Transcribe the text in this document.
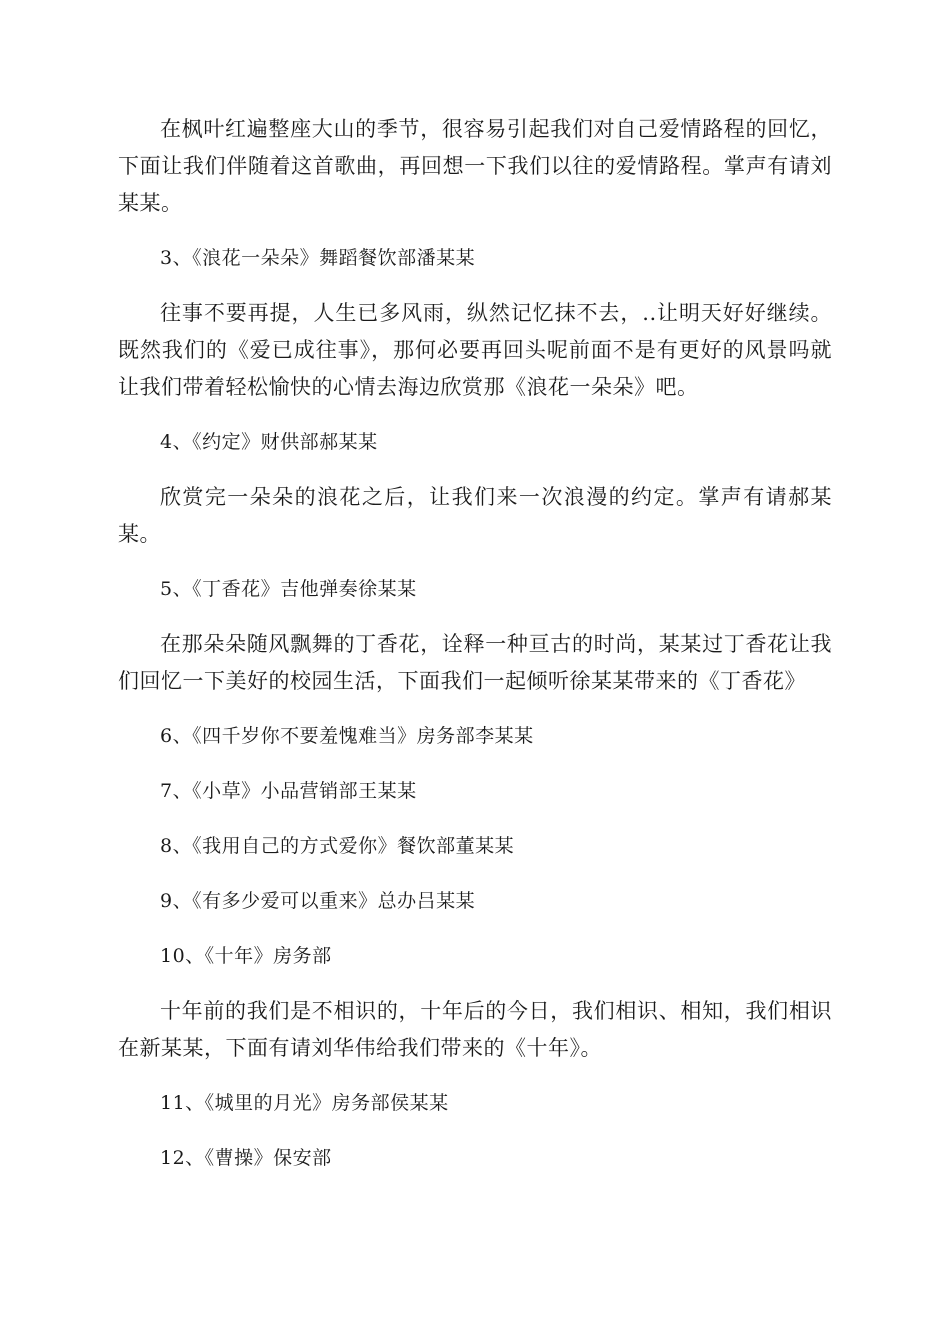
在枫叶红遍整座大山的季节，很容易引起我们对自己爱情路程的回忆，下面让我们伴随着这首歌曲，再回想一下我们以往的爱情路程。掌声有请刘某某。

3、《浪花一朵朵》舞蹈餐饮部潘某某

往事不要再提，人生已多风雨，纵然记忆抹不去，..让明天好好继续。既然我们的《爱已成往事》，那何必要再回头呢前面不是有更好的风景吗就让我们带着轻松愉快的心情去海边欣赏那《浪花一朵朵》吧。

4、《约定》财供部郝某某

欣赏完一朵朵的浪花之后，让我们来一次浪漫的约定。掌声有请郝某某。

5、《丁香花》吉他弹奏徐某某

在那朵朵随风飘舞的丁香花，诠释一种亘古的时尚，某某过丁香花让我们回忆一下美好的校园生活，下面我们一起倾听徐某某带来的《丁香花》

6、《四千岁你不要羞愧难当》房务部李某某

7、《小草》小品营销部王某某

8、《我用自己的方式爱你》餐饮部董某某

9、《有多少爱可以重来》总办吕某某

10、《十年》房务部

十年前的我们是不相识的，十年后的今日，我们相识、相知，我们相识在新某某，下面有请刘华伟给我们带来的《十年》。

11、《城里的月光》房务部侯某某

12、《曹操》保安部
